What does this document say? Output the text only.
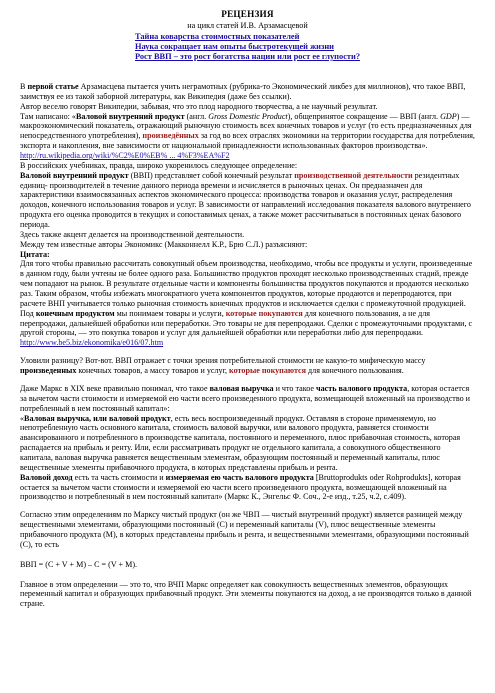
РЕЦЕНЗИЯ
на цикл статей И.В. Арзамасцевой
Тайна коварства стоимостных показателей
Наука сокращает нам опыты быстротекущей жизни
Рост ВВП – это рост богатства нации или рост ее глупости?

В первой статье Арзамасцева пытается учить неграмотных (рубрика-то Экономический ликбез для миллионов), что такое ВВП, заимствуя ее из такой заборной литературы, как Википедия (даже без ссылки).

Автор веселю говорят Википедии, забывая, что это плод народного творчества, а не научный результат.

Там написано: «Валовой внутренний продукт (англ. Gross Domestic Product), общепринятое сокращение — ВВП (англ. GDP) — макроэкономический показатель, отражающий рыночную стоимость всех конечных товаров и услуг (то есть предназначенных для непосредственного употребления), произведённых за год во всех отраслях экономики на территории государства для потребления, экспорта и накопления, вне зависимости от национальной принадлежности использованных факторов производства».

http://ru.wikipedia.org/wiki/%C2%E0%EB% ... 4%F3%EA%F2

В российских учебниках, правда, широко укоренилось следующее определение:

Валовой внутренний продукт (ВВП) представляет собой конечный результат производственной деятельности резидентных единиц- производителей в течение данного периода времени и исчисляется в рыночных ценах. Он предназначен для характеристики взаимосвязанных аспектов экономического процесса: производства товаров и оказания услуг, распределения доходов, конечного использования товаров и услуг. В зависимости от направлений исследования показателя валового внутреннего продукта его оценка проводится в текущих и сопоставимых ценах, а также может рассчитываться в постоянных ценах базового периода.

Здесь также акцент делается на производственной деятельности.

Между тем известные авторы Экономикс (Макконнелл К.Р., Брю С.Л.) разъясняют:

Цитата:

Для того чтобы правильно рассчитать совокупный объем производства, необходимо, чтобы все продукты и услуги, произведенные в данном году, были учтены не более одного раза. Большинство продуктов проходят несколько производственных стадий, прежде чем попадают на рынок. В результате отдельные части и компоненты большинства продуктов покупаются и продаются несколько раз. Таким образом, чтобы избежать многократного учета компонентов продуктов, которые продаются и перепродаются, при расчете ВНП учитывается только рыночная стоимость конечных продуктов и исключается сделки с промежуточной продукцией.

Под конечным продуктом мы понимаем товары и услуги, которые покупаются для конечного пользования, а не для перепродажи, дальнейшей обработки или переработки. Это товары не для перепродажи. Сделки с промежуточными продуктами, с другой стороны, — это покупка товаров и услуг для дальнейшей обработки или переработки либо для перепродажи.

http://www.be5.biz/ekonomika/e016/07.htm

Уловили разницу? Вот-вот. ВВП отражает с точки зрения потребительной стоимости не какую-то мифическую массу произведенных конечных товаров, а массу товаров и услуг, которые покупаются для конечного пользования.

Даже Маркс в XIX веке правильно понимал, что такое валовая выручка и что такое часть валового продукта, которая остается за вычетом части стоимости и измеряемой ею части всего произведенного продукта, возмещающей вложенный на производство и потребленный в нем постоянный капитал»:

«Валовая выручка, или валовой продукт, есть весь воспроизведенный продукт. Оставляя в стороне применяемую, но непотребленную часть основного капитала, стоимость валовой выручки, или валового продукта, равняется стоимости авансированного и потребленного в производстве капитала, постоянного и переменного, плюс прибавочная стоимость, которая распадается на прибыль и ренту. Или, если рассматривать продукт не отдельного капитала, а совокупного общественного капитала, валовая выручка равняется вещественным элементам, образующим постоянный и переменный капиталы, плюс вещественные элементы прибавочного продукта, в которых представлены прибыль и рента.

Валовой доход есть та часть стоимости и измеряемая ею часть валового продукта [Bruttoprodukts oder Rohprodukts], которая остается за вычетом части стоимости и измеряемой ею части всего произведенного продукта, возмещающей вложенный на производство и потребленный в нем постоянный капитал» (Маркс К., Энгельс Ф. Соч., 2-е изд., т.25, ч.2, с.409).

Согласно этим определениям по Марксу чистый продукт (он же ЧВП — чистый внутренний продукт) является разницей между вещественными элементами, образующими постоянный (C) и переменный капиталы (V), плюс вещественные элементы прибавочного продукта (M), в которых представлены прибыль и рента, и вещественными элементами, образующими постоянный (C), то есть

ВВП = (C + V + M) – C = (V + M).

Главное в этом определении — это то, что ВЧП Маркс определяет как совокупность вещественных элементов, образующих переменный капитал и образующих прибавочный продукт. Эти элементы покупаются на доход, а не производятся только в данной стране.
